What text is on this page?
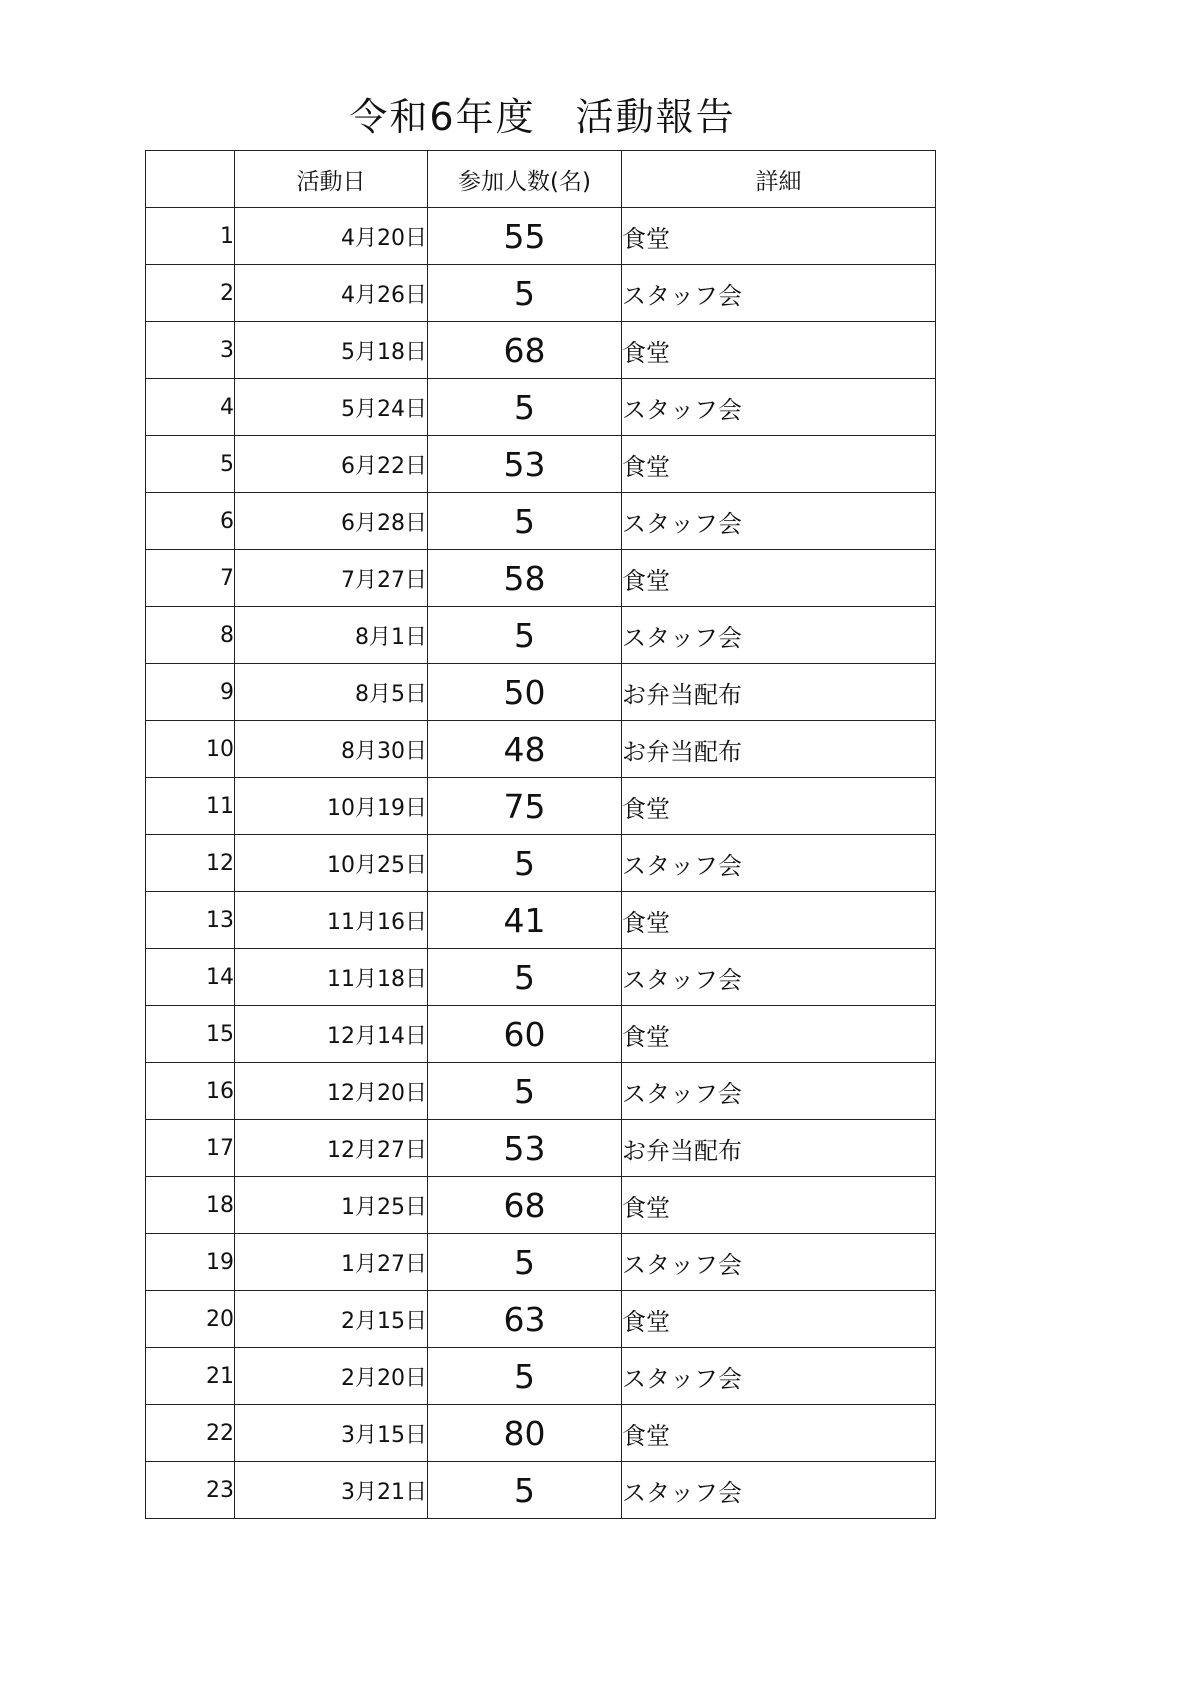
令和6年度　活動報告
	活動日	参加人数(名)	詳細
1	4月20日	55	食堂
2	4月26日	5	スタッフ会
3	5月18日	68	食堂
4	5月24日	5	スタッフ会
5	6月22日	53	食堂
6	6月28日	5	スタッフ会
7	7月27日	58	食堂
8	8月1日	5	スタッフ会
9	8月5日	50	お弁当配布
10	8月30日	48	お弁当配布
11	10月19日	75	食堂
12	10月25日	5	スタッフ会
13	11月16日	41	食堂
14	11月18日	5	スタッフ会
15	12月14日	60	食堂
16	12月20日	5	スタッフ会
17	12月27日	53	お弁当配布
18	1月25日	68	食堂
19	1月27日	5	スタッフ会
20	2月15日	63	食堂
21	2月20日	5	スタッフ会
22	3月15日	80	食堂
23	3月21日	5	スタッフ会
